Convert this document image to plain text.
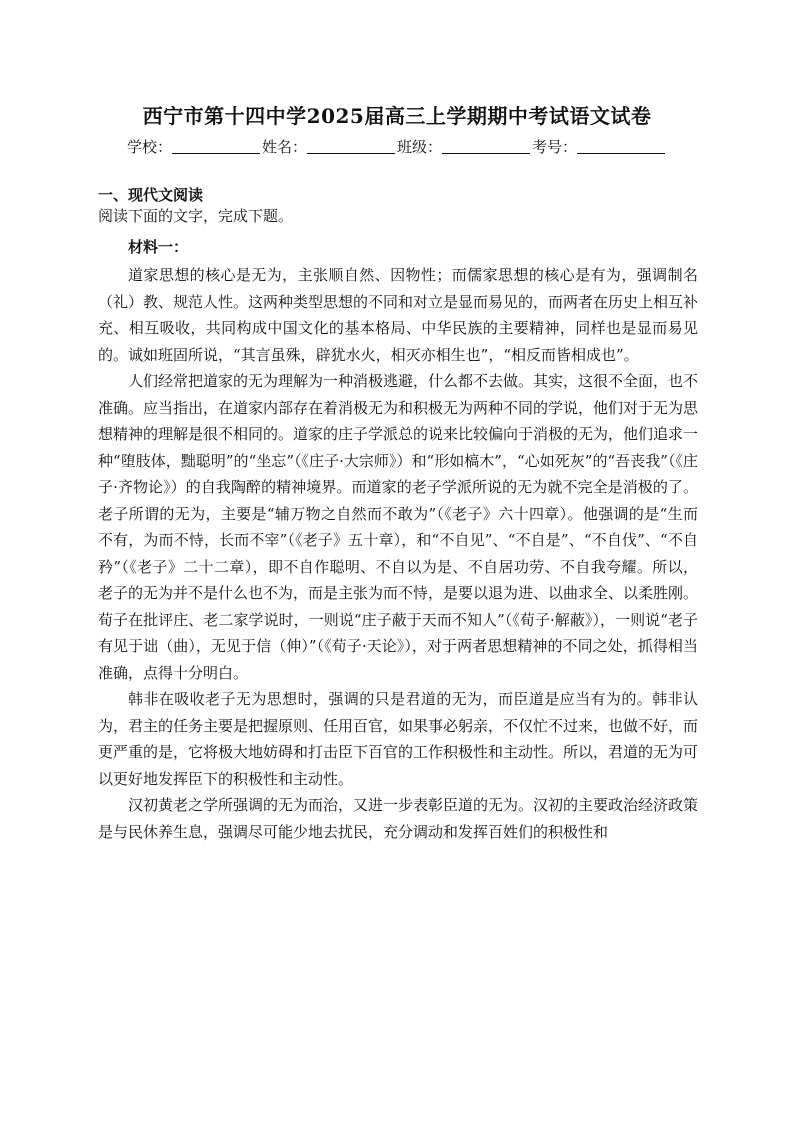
西宁市第十四中学2025届高三上学期期中考试语文试卷
学校：	姓名：	班级：	考号：
一、现代文阅读
阅读下面的文字，完成下题。
材料一：

道家思想的核心是无为，主张顺自然、因物性；而儒家思想的核心是有为，强调制名（礼）教、规范人性。这两种类型思想的不同和对立是显而易见的，而两者在历史上相互补充、相互吸收，共同构成中国文化的基本格局、中华民族的主要精神，同样也是显而易见的。诚如班固所说，“其言虽殊，辟犹水火，相灭亦相生也”，“相反而皆相成也”。

人们经常把道家的无为理解为一种消极逃避，什么都不去做。其实，这很不全面，也不准确。应当指出，在道家内部存在着消极无为和积极无为两种不同的学说，他们对于无为思想精神的理解是很不相同的。道家的庄子学派总的说来比较偏向于消极的无为，他们追求一种“堕肢体，黜聪明”的“坐忘”（《庄子·大宗师》）和“形如槁木”，“心如死灰”的“吾丧我”（《庄子·齐物论》）的自我陶醉的精神境界。而道家的老子学派所说的无为就不完全是消极的了。老子所谓的无为，主要是“辅万物之自然而不敢为”（《老子》六十四章）。他强调的是“生而不有，为而不恃，长而不宰”（《老子》五十章），和“不自见”、“不自是”、“不自伐”、“不自矜”（《老子》二十二章），即不自作聪明、不自以为是、不自居功劳、不自我夸耀。所以，老子的无为并不是什么也不为，而是主张为而不恃，是要以退为进、以曲求全、以柔胜刚。荀子在批评庄、老二家学说时，一则说“庄子蔽于天而不知人”（《荀子·解蔽》），一则说“老子有见于诎（曲），无见于信（伸）”（《荀子·天论》），对于两者思想精神的不同之处，抓得相当准确，点得十分明白。

韩非在吸收老子无为思想时，强调的只是君道的无为，而臣道是应当有为的。韩非认为，君主的任务主要是把握原则、任用百官，如果事必躬亲，不仅忙不过来，也做不好，而更严重的是，它将极大地妨碍和打击臣下百官的工作积极性和主动性。所以，君道的无为可以更好地发挥臣下的积极性和主动性。

汉初黄老之学所强调的无为而治，又进一步表彰臣道的无为。汉初的主要政治经济政策是与民休养生息，强调尽可能少地去扰民，充分调动和发挥百姓们的积极性和
